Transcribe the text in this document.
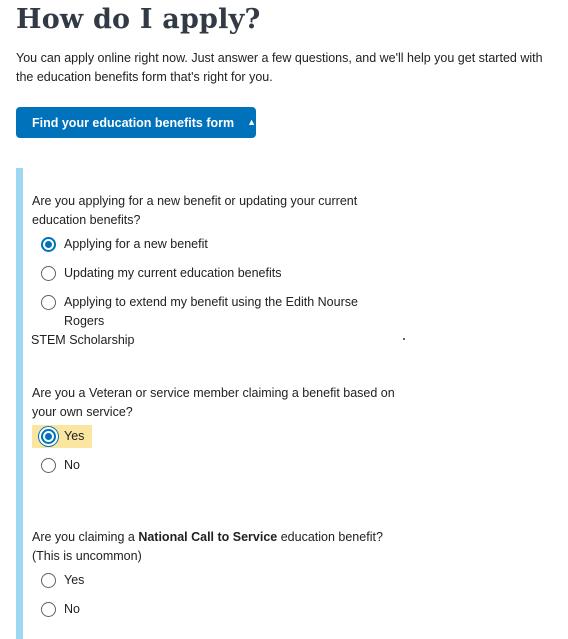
How do I apply?

You can apply online right now. Just answer a few questions, and we'll help you get started with the education benefits form that's right for you.

Find your education benefits form ▲

Are you applying for a new benefit or updating your current education benefits?

Applying for a new benefit
Updating my current education benefits
Applying to extend my benefit using the Edith Nourse Rogers
STEM Scholarship

Are you a Veteran or service member claiming a benefit based on your own service?

Yes
No

Are you claiming a National Call to Service education benefit? (This is uncommon)

Yes
No
